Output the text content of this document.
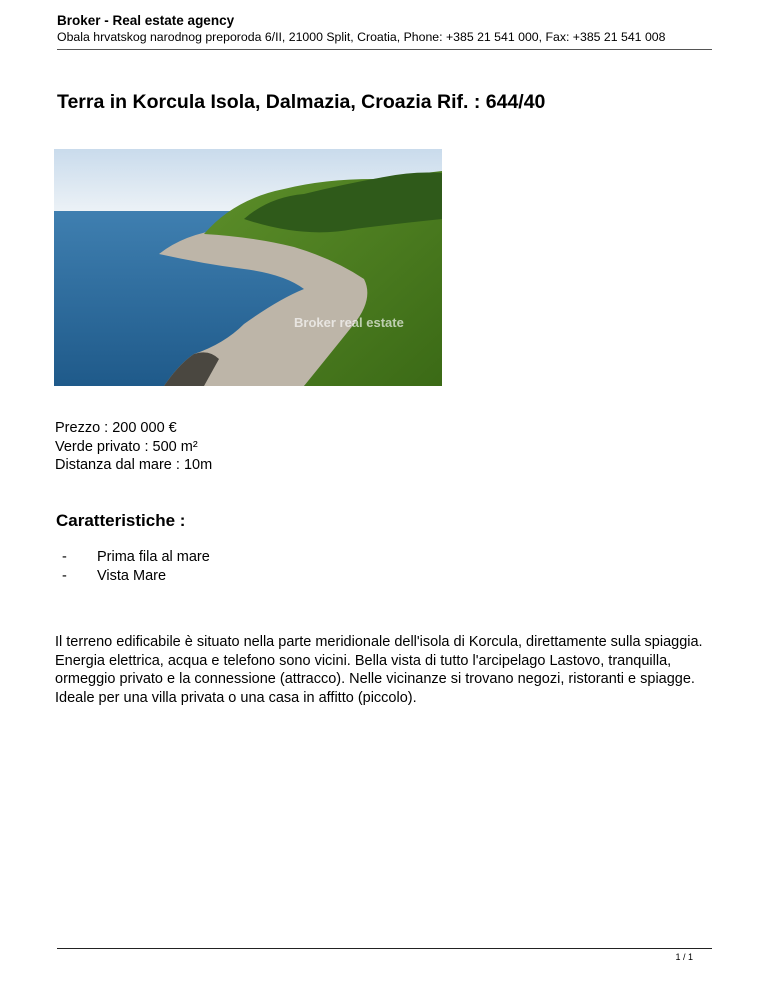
Broker - Real estate agency
Obala hrvatskog narodnog preporoda 6/II, 21000 Split, Croatia, Phone: +385 21 541 000, Fax: +385 21 541 008
Terra in Korcula Isola, Dalmazia, Croazia Rif. : 644/40
Broker real estate
Prezzo : 200 000 €
Verde privato : 500 m²
Distanza dal mare : 10m
Caratteristiche :
- Prima fila al mare
- Vista Mare

Il terreno edificabile è situato nella parte meridionale dell'isola di Korcula, direttamente sulla spiaggia. Energia elettrica, acqua e telefono sono vicini. Bella vista di tutto l'arcipelago Lastovo, tranquilla, ormeggio privato e la connessione (attracco). Nelle vicinanze si trovano negozi, ristoranti e spiagge. Ideale per una villa privata o una casa in affitto (piccolo).

1 / 1
